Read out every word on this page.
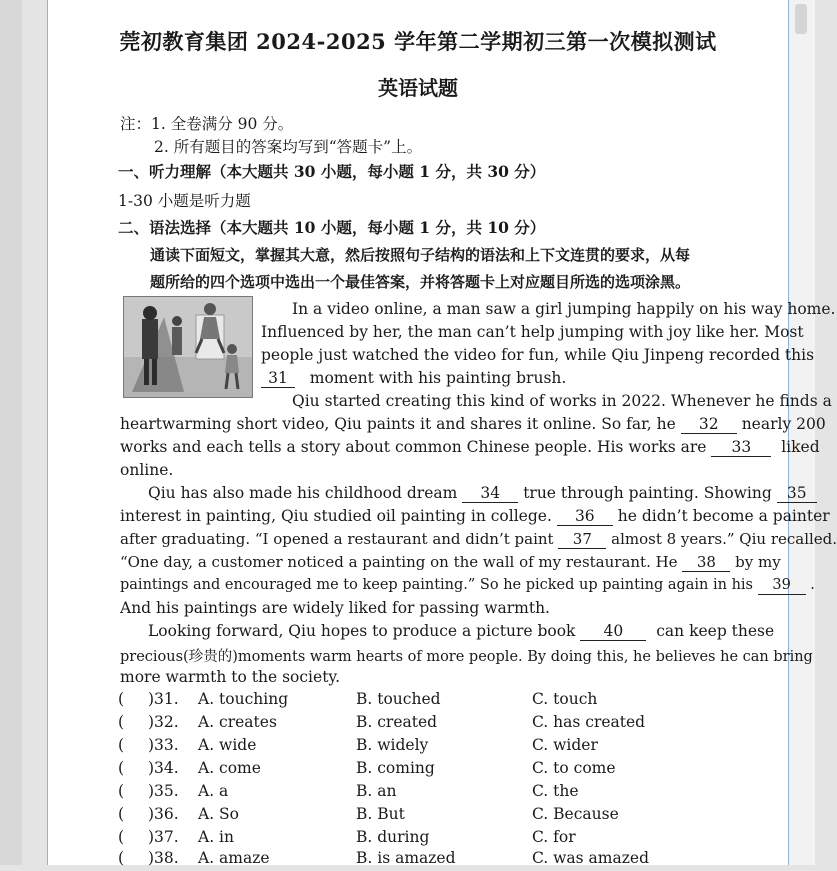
莞初教育集团 2024-2025 学年第二学期初三第一次模拟测试
英语试题
注：1. 全卷满分 90 分。
2. 所有题目的答案均写到“答题卡”上。
一、听力理解（本大题共 30 小题，每小题 1 分，共 30 分）
1-30 小题是听力题
二、语法选择（本大题共 10 小题，每小题 1 分，共 10 分）
通读下面短文，掌握其大意，然后按照句子结构的语法和上下文连贯的要求，从每
题所给的四个选项中选出一个最佳答案，并将答题卡上对应题目所选的选项涂黑。
In a video online, a man saw a girl jumping happily on his way home.
Influenced by her, the man can’t help jumping with joy like her. Most
people just watched the video for fun, while Qiu Jinpeng recorded this
31 moment with his painting brush.
Qiu started creating this kind of works in 2022. Whenever he finds a
heartwarming short video, Qiu paints it and shares it online. So far, he 32 nearly 200
works and each tells a story about common Chinese people. His works are 33 liked
online.
Qiu has also made his childhood dream 34 true through painting. Showing 35
interest in painting, Qiu studied oil painting in college. 36 he didn’t become a painter
after graduating. “I opened a restaurant and didn’t paint 37 almost 8 years.” Qiu recalled.
“One day, a customer noticed a painting on the wall of my restaurant. He 38 by my
paintings and encouraged me to keep painting.” So he picked up painting again in his 39 .
And his paintings are widely liked for passing warmth.
Looking forward, Qiu hopes to produce a picture book 40 can keep these
precious(珍贵的)moments warm hearts of more people. By doing this, he believes he can bring
more warmth to the society.
( )31. A. touching	B. touched	C. touch
( )32. A. creates	B. created	C. has created
( )33. A. wide	B. widely	C. wider
( )34. A. come	B. coming	C. to come
( )35. A. a	B. an	C. the
( )36. A. So	B. But	C. Because
( )37. A. in	B. during	C. for
( )38. A. amaze	B. is amazed	C. was amazed
